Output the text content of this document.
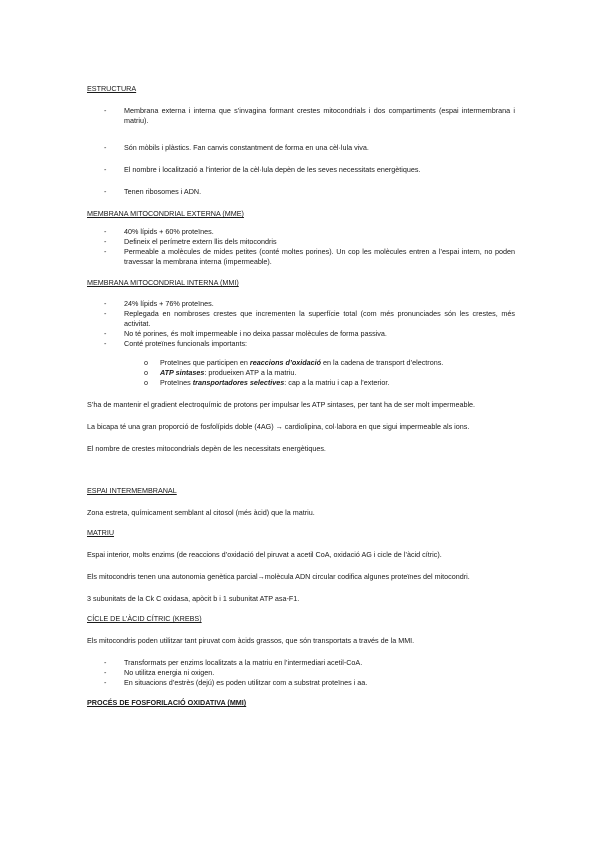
ESTRUCTURA

- Membrana externa i interna que s’invagina formant crestes mitocondrials i dos compartiments (espai intermembrana i matriu).
- Són mòbils i plàstics. Fan canvis constantment de forma en una cèl·lula viva.
- El nombre i localització a l’interior de la cèl·lula depèn de les seves necessitats energètiques.
- Tenen ribosomes i ADN.

MEMBRANA MITOCONDRIAL EXTERNA (MME)

- 40% lípids + 60% proteïnes.
- Defineix el perímetre extern llis dels mitocondris
- Permeable a molècules de mides petites (conté moltes porines). Un cop les molècules entren a l’espai intern, no poden travessar la membrana interna (impermeable).

MEMBRANA MITOCONDRIAL INTERNA (MMI)

- 24% lípids + 76% proteïnes.
- Replegada en nombroses crestes que incrementen la superfície total (com més pronunciades són les crestes, més activitat.
- No té porines, és molt impermeable i no deixa passar molècules de forma passiva.
- Conté proteïnes funcionals importants:
o Proteïnes que participen en reaccions d’oxidació en la cadena de transport d’electrons.
o ATP sintases: produeixen ATP a la matriu.
o Proteïnes transportadores selectives: cap a la matriu i cap a l’exterior.

S’ha de mantenir el gradient electroquímic de protons per impulsar les ATP sintases, per tant ha de ser molt impermeable.

La bicapa té una gran proporció de fosfolípids doble (4AG) → cardiolipina, col·labora en que sigui impermeable als ions.

El nombre de crestes mitocondrials depèn de les necessitats energètiques.

ESPAI INTERMEMBRANAL

Zona estreta, químicament semblant al citosol (més àcid) que la matriu.

MATRIU

Espai interior, molts enzims (de reaccions d’oxidació del piruvat a acetil CoA, oxidació AG i cicle de l’àcid cítric).

Els mitocondris tenen una autonomia genètica parcial→molècula ADN circular codifica algunes proteïnes del mitocondri.

3 subunitats de la Ck C oxidasa, apòcit b i 1 subunitat ATP asa-F1.

CÍCLE DE L’ÀCID CÍTRIC (KREBS)

Els mitocondris poden utilitzar tant piruvat com àcids grassos, que són transportats a través de la MMI.

- Transformats per enzims localitzats a la matriu en l’intermediari acetil-CoA.
- No utilitza energia ni oxigen.
- En situacions d’estrès (dejú) es poden utilitzar com a substrat proteïnes i aa.

PROCÉS DE FOSFORILACIÓ OXIDATIVA (MMI)
